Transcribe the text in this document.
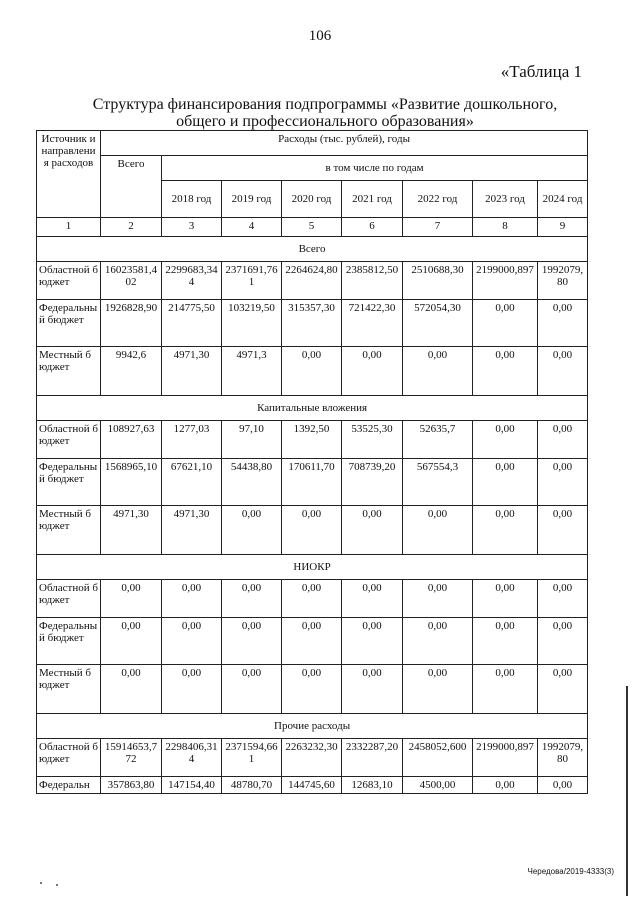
106
«Таблица 1
Структура финансирования подпрограммы «Развитие дошкольного, общего и профессионального образования»
Источник и направления расходов	Расходы (тыс. рублей), годы							
	Всего	в том числе по годам						
		2018 год	2019 год	2020 год	2021 год	2022 год	2023 год	2024 год
1	2	3	4	5	6	7	8	9
Всего								
Областной бюджет	16023581,402	2299683,344	2371691,761	2264624,80	2385812,50	2510688,30	2199000,897	1992079,80
Федеральный бюджет	1926828,90	214775,50	103219,50	315357,30	721422,30	572054,30	0,00	0,00
Местный бюджет	9942,6	4971,30	4971,3	0,00	0,00	0,00	0,00	0,00
Капитальные вложения								
Областной бюджет	108927,63	1277,03	97,10	1392,50	53525,30	52635,7	0,00	0,00
Федеральный бюджет	1568965,10	67621,10	54438,80	170611,70	708739,20	567554,3	0,00	0,00
Местный бюджет	4971,30	4971,30	0,00	0,00	0,00	0,00	0,00	0,00
НИОКР								
Областной бюджет	0,00	0,00	0,00	0,00	0,00	0,00	0,00	0,00
Федеральный бюджет	0,00	0,00	0,00	0,00	0,00	0,00	0,00	0,00
Местный бюджет	0,00	0,00	0,00	0,00	0,00	0,00	0,00	0,00
Прочие расходы								
Областной бюджет	15914653,772	2298406,314	2371594,661	2263232,30	2332287,20	2458052,600	2199000,897	1992079,80
Федеральн	357863,80	147154,40	48780,70	144745,60	12683,10	4500,00	0,00	0,00
Чередова/2019-4333(3)
